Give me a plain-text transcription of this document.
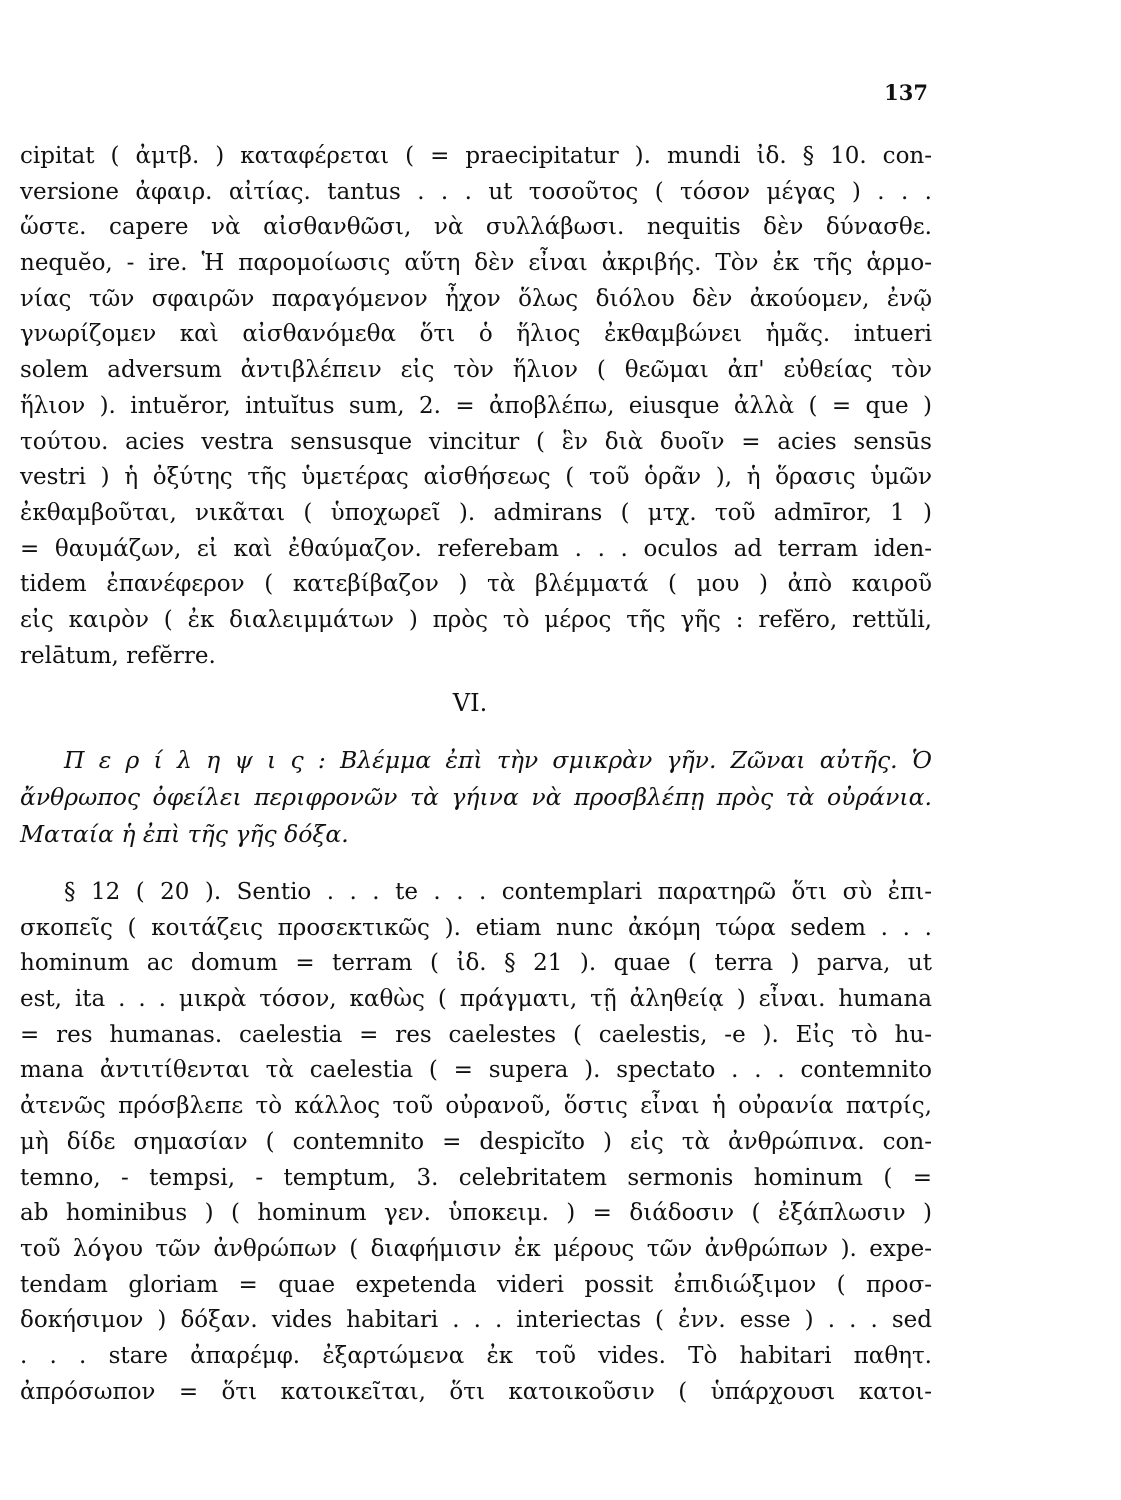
137
cipitat ( ἀμτβ. ) καταφέρεται ( = praecipitatur ). mundi ἰδ. § 10. con-
versione ἀφαιρ. αἰτίας. tantus . . . ut τοσοῦτος ( τόσον μέγας ) . . .
ὥστε. capere νὰ αἰσθανθῶσι, νὰ συλλάβωσι. nequitis δὲν δύνασθε.
nequĕo, - ire. Ἡ παρομοίωσις αὕτη δὲν εἶναι ἀκριβής. Τὸν ἐκ τῆς ἁρμο-
νίας τῶν σφαιρῶν παραγόμενον ἦχον ὅλως διόλου δὲν ἀκούομεν, ἐνῷ
γνωρίζομεν καὶ αἰσθανόμεθα ὅτι ὁ ἥλιος ἐκθαμβώνει ἡμᾶς. intueri
solem adversum ἀντιβλέπειν εἰς τὸν ἥλιον ( θεῶμαι ἀπ' εὐθείας τὸν
ἥλιον ). intuĕror, intuĭtus sum, 2. = ἀποβλέπω, eiusque ἀλλὰ ( = que )
τούτου. acies vestra sensusque vincitur ( ἓν διὰ δυοῖν = acies sensūs
vestri ) ἡ ὀξύτης τῆς ὑμετέρας αἰσθήσεως ( τοῦ ὁρᾶν ), ἡ ὅρασις ὑμῶν
ἐκθαμβοῦται, νικᾶται ( ὑποχωρεῖ ). admirans ( μτχ. τοῦ admīror, 1 )
= θαυμάζων, εἰ καὶ ἐθαύμαζον. referebam . . . oculos ad terram iden-
tidem ἐπανέφερον ( κατεβίβαζον ) τὰ βλέμματά ( μου ) ἀπὸ καιροῦ
εἰς καιρὸν ( ἐκ διαλειμμάτων ) πρὸς τὸ μέρος τῆς γῆς : refĕro, rettŭli,
relātum, refĕrre.
VI.
Π ε ρ ί λ η ψ ι ς : Βλέμμα ἐπὶ τὴν σμικρὰν γῆν. Ζῶναι αὐτῆς. Ὁ
ἄνθρωπος ὀφείλει περιφρονῶν τὰ γήινα νὰ προσβλέπῃ πρὸς τὰ οὐράνια.
Ματαία ἡ ἐπὶ τῆς γῆς δόξα.
§ 12 ( 20 ). Sentio . . . te . . . contemplari παρατηρῶ ὅτι σὺ ἐπι-
σκοπεῖς ( κοιτάζεις προσεκτικῶς ). etiam nunc ἀκόμη τώρα sedem . . .
hominum ac domum = terram ( ἰδ. § 21 ). quae ( terra ) parva, ut
est, ita . . . μικρὰ τόσον, καθὼς ( πράγματι, τῇ ἀληθείᾳ ) εἶναι. humana
= res humanas. caelestia = res caelestes ( caelestis, -e ). Εἰς τὸ hu-
mana ἀντιτίθενται τὰ caelestia ( = supera ). spectato . . . contemnito
ἀτενῶς πρόσβλεπε τὸ κάλλος τοῦ οὐρανοῦ, ὅστις εἶναι ἡ οὐρανία πατρίς,
μὴ δίδε σημασίαν ( contemnito = despicĭto ) εἰς τὰ ἀνθρώπινα. con-
temno, - tempsi, - temptum, 3. celebritatem sermonis hominum ( =
ab hominibus ) ( hominum γεν. ὑποκειμ. ) = διάδοσιν ( ἐξάπλωσιν )
τοῦ λόγου τῶν ἀνθρώπων ( διαφήμισιν ἐκ μέρους τῶν ἀνθρώπων ). expe-
tendam gloriam = quae expetenda videri possit ἐπιδιώξιμον ( προσ-
δοκήσιμον ) δόξαν. vides habitari . . . interiectas ( ἐνν. esse ) . . . sed
. . . stare ἀπαρέμφ. ἐξαρτώμενα ἐκ τοῦ vides. Τὸ habitari παθητ.
ἀπρόσωπον = ὅτι κατοικεῖται, ὅτι κατοικοῦσιν ( ὑπάρχουσι κατοι-
